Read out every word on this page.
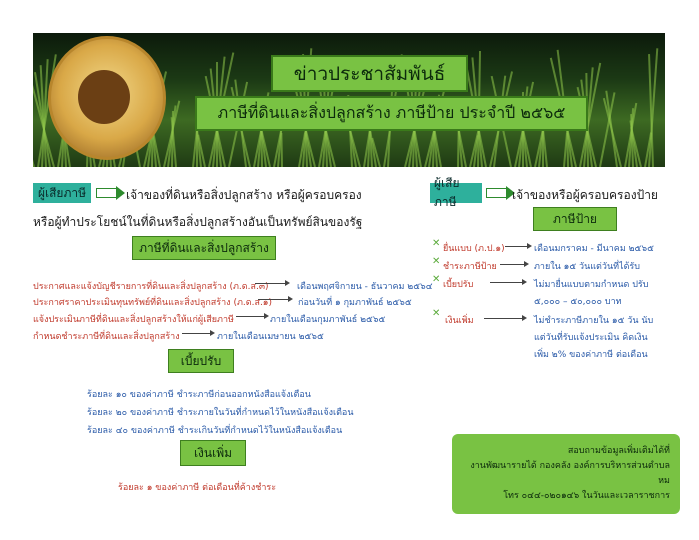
ข่าวประชาสัมพันธ์
ภาษีที่ดินและสิ่งปลูกสร้าง ภาษีป้าย ประจำปี ๒๕๖๕
ผู้เสียภาษี	เจ้าของที่ดินหรือสิ่งปลูกสร้าง หรือผู้ครอบครอง
หรือผู้ทำประโยชน์ในที่ดินหรือสิ่งปลูกสร้างอันเป็นทรัพย์สินของรัฐ
ภาษีที่ดินและสิ่งปลูกสร้าง
ประกาศและแจ้งบัญชีรายการที่ดินและสิ่งปลูกสร้าง (ภ.ด.ส.๓)	เดือนพฤศจิกายน - ธันวาคม ๒๕๖๔
ประกาศราคาประเมินทุนทรัพย์ที่ดินและสิ่งปลูกสร้าง (ภ.ด.ส.๑)	ก่อนวันที่ ๑ กุมภาพันธ์ ๒๕๖๕
แจ้งประเมินภาษีที่ดินและสิ่งปลูกสร้างให้แก่ผู้เสียภาษี	ภายในเดือนกุมภาพันธ์ ๒๕๖๕
กำหนดชำระภาษีที่ดินและสิ่งปลูกสร้าง	ภายในเดือนเมษายน ๒๕๖๕
เบี้ยปรับ
ร้อยละ ๑๐ ของค่าภาษี ชำระภาษีก่อนออกหนังสือแจ้งเตือน
ร้อยละ ๒๐ ของค่าภาษี ชำระภายในวันที่กำหนดไว้ในหนังสือแจ้งเตือน
ร้อยละ ๔๐ ของค่าภาษี ชำระเกินวันที่กำหนดไว้ในหนังสือแจ้งเตือน
เงินเพิ่ม
ร้อยละ ๑ ของค่าภาษี ต่อเดือนที่ค้างชำระ
ผู้เสียภาษี	เจ้าของหรือผู้ครอบครองป้าย
ภาษีป้าย
✕ ยื่นแบบ (ภ.ป.๑)	เดือนมกราคม - มีนาคม ๒๕๖๕
✕ ชำระภาษีป้าย	ภายใน ๑๕ วันแต่วันที่ได้รับ
✕ เบี้ยปรับ	ไม่มายื่นแบบตามกำหนด ปรับ
๕,๐๐๐ – ๕๐,๐๐๐ บาท
✕
เงินเพิ่ม	ไม่ชำระภาษีภายใน ๑๕ วัน นับ
แต่วันที่รับแจ้งประเมิน คิดเงิน
เพิ่ม ๒% ของค่าภาษี ต่อเดือน
สอบถามข้อมูลเพิ่มเติมได้ที่
งานพัฒนารายได้ กองคลัง องค์การบริหารส่วนตำบลหม
โทร ๐๔๔-๐๒๐๑๔๖ ในวันและเวลาราชการ
